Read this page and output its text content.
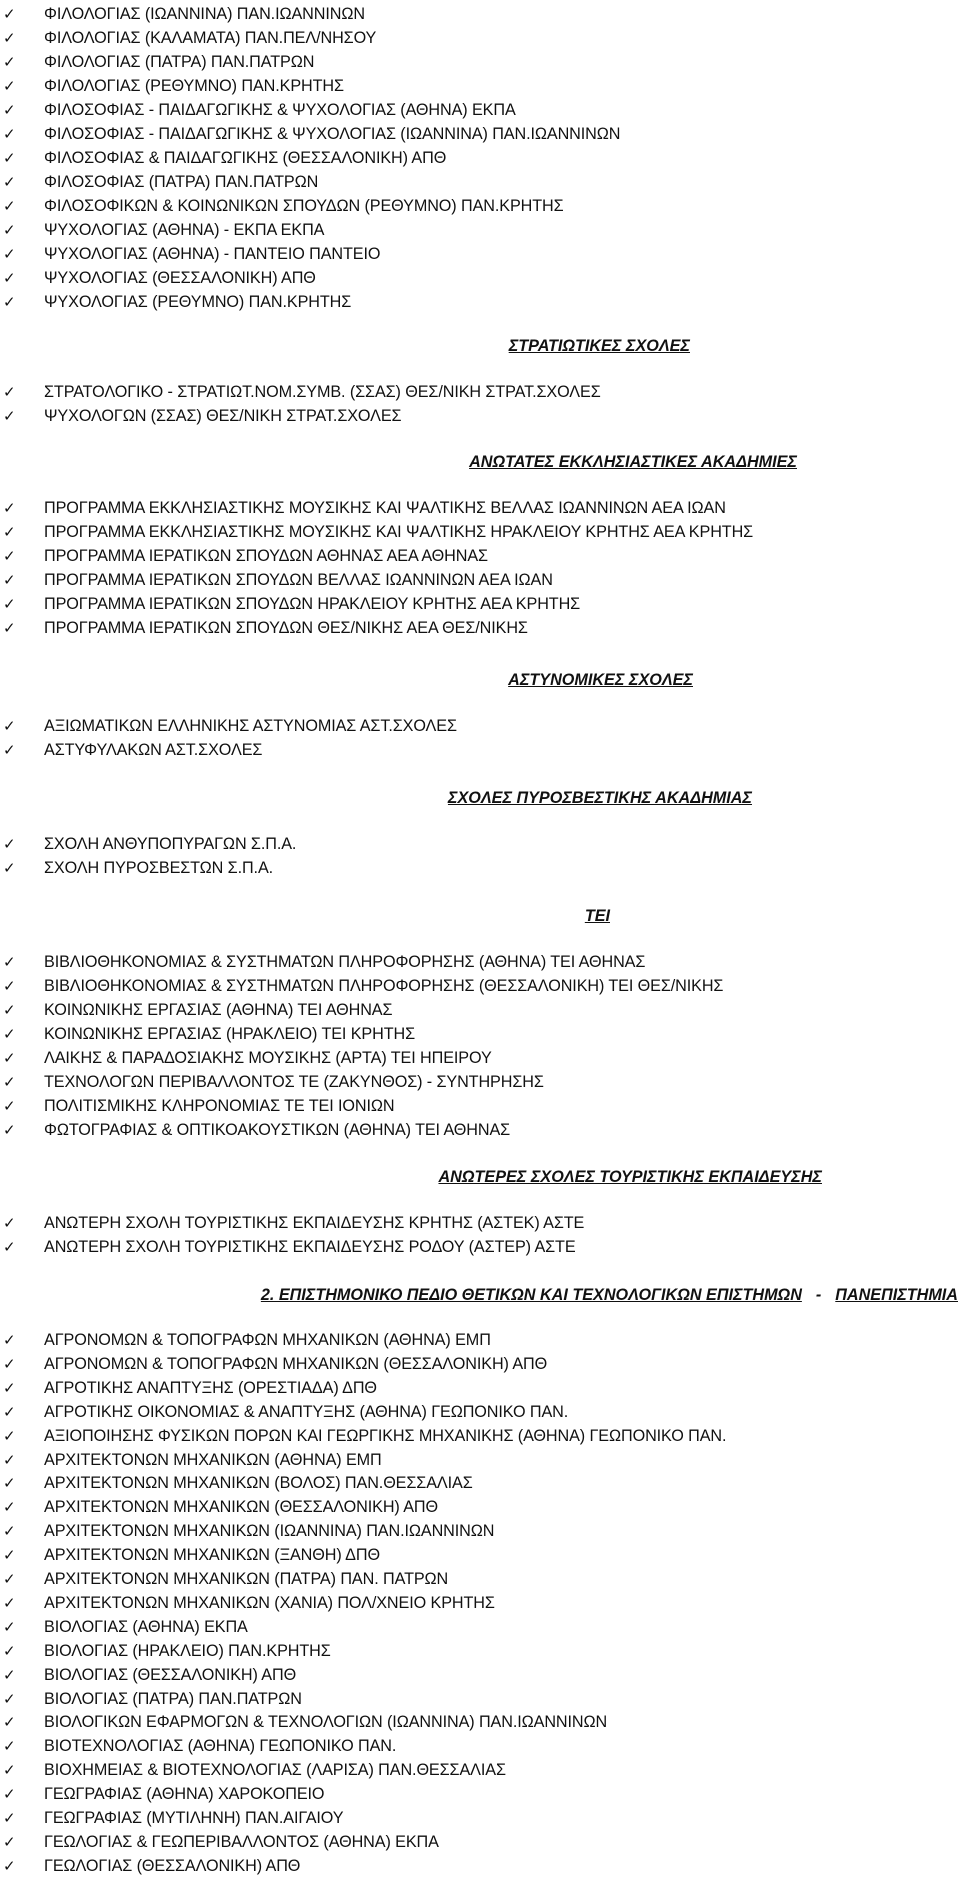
✓	ΦΙΛΟΛΟΓΙΑΣ (ΙΩΑΝΝΙΝΑ) ΠΑΝ.ΙΩΑΝΝΙΝΩΝ
✓	ΦΙΛΟΛΟΓΙΑΣ (ΚΑΛΑΜΑΤΑ) ΠΑΝ.ΠΕΛ/ΝΗΣΟΥ
✓	ΦΙΛΟΛΟΓΙΑΣ (ΠΑΤΡΑ) ΠΑΝ.ΠΑΤΡΩΝ
✓	ΦΙΛΟΛΟΓΙΑΣ (ΡΕΘΥΜΝΟ) ΠΑΝ.ΚΡΗΤΗΣ
✓	ΦΙΛΟΣΟΦΙΑΣ - ΠΑΙΔΑΓΩΓΙΚΗΣ & ΨΥΧΟΛΟΓΙΑΣ (ΑΘΗΝΑ) ΕΚΠΑ
✓	ΦΙΛΟΣΟΦΙΑΣ - ΠΑΙΔΑΓΩΓΙΚΗΣ & ΨΥΧΟΛΟΓΙΑΣ (ΙΩΑΝΝΙΝΑ) ΠΑΝ.ΙΩΑΝΝΙΝΩΝ
✓	ΦΙΛΟΣΟΦΙΑΣ & ΠΑΙΔΑΓΩΓΙΚΗΣ (ΘΕΣΣΑΛΟΝΙΚΗ) ΑΠΘ
✓	ΦΙΛΟΣΟΦΙΑΣ (ΠΑΤΡΑ) ΠΑΝ.ΠΑΤΡΩΝ
✓	ΦΙΛΟΣΟΦΙΚΩΝ & ΚΟΙΝΩΝΙΚΩΝ ΣΠΟΥΔΩΝ (ΡΕΘΥΜΝΟ) ΠΑΝ.ΚΡΗΤΗΣ
✓	ΨΥΧΟΛΟΓΙΑΣ (ΑΘΗΝΑ) - ΕΚΠΑ ΕΚΠΑ
✓	ΨΥΧΟΛΟΓΙΑΣ (ΑΘΗΝΑ) - ΠΑΝΤΕΙΟ ΠΑΝΤΕΙΟ
✓	ΨΥΧΟΛΟΓΙΑΣ (ΘΕΣΣΑΛΟΝΙΚΗ) ΑΠΘ
✓	ΨΥΧΟΛΟΓΙΑΣ (ΡΕΘΥΜΝΟ) ΠΑΝ.ΚΡΗΤΗΣ
ΣΤΡΑΤΙΩΤΙΚΕΣ ΣΧΟΛΕΣ
✓	ΣΤΡΑΤΟΛΟΓΙΚΟ - ΣΤΡΑΤΙΩΤ.ΝΟΜ.ΣΥΜΒ. (ΣΣΑΣ) ΘΕΣ/ΝΙΚΗ ΣΤΡΑΤ.ΣΧΟΛΕΣ
✓	ΨΥΧΟΛΟΓΩΝ (ΣΣΑΣ) ΘΕΣ/ΝΙΚΗ ΣΤΡΑΤ.ΣΧΟΛΕΣ
ΑΝΩΤΑΤΕΣ ΕΚΚΛΗΣΙΑΣΤΙΚΕΣ ΑΚΑΔΗΜΙΕΣ
✓	ΠΡΟΓΡΑΜΜΑ ΕΚΚΛΗΣΙΑΣΤΙΚΗΣ ΜΟΥΣΙΚΗΣ ΚΑΙ ΨΑΛΤΙΚΗΣ ΒΕΛΛΑΣ ΙΩΑΝΝΙΝΩΝ ΑΕΑ ΙΩΑΝ
✓	ΠΡΟΓΡΑΜΜΑ ΕΚΚΛΗΣΙΑΣΤΙΚΗΣ ΜΟΥΣΙΚΗΣ ΚΑΙ ΨΑΛΤΙΚΗΣ ΗΡΑΚΛΕΙΟΥ ΚΡΗΤΗΣ ΑΕΑ ΚΡΗΤΗΣ
✓	ΠΡΟΓΡΑΜΜΑ ΙΕΡΑΤΙΚΩΝ ΣΠΟΥΔΩΝ ΑΘΗΝΑΣ ΑΕΑ ΑΘΗΝΑΣ
✓	ΠΡΟΓΡΑΜΜΑ ΙΕΡΑΤΙΚΩΝ ΣΠΟΥΔΩΝ ΒΕΛΛΑΣ ΙΩΑΝΝΙΝΩΝ ΑΕΑ ΙΩΑΝ
✓	ΠΡΟΓΡΑΜΜΑ ΙΕΡΑΤΙΚΩΝ ΣΠΟΥΔΩΝ ΗΡΑΚΛΕΙΟΥ ΚΡΗΤΗΣ ΑΕΑ ΚΡΗΤΗΣ
✓	ΠΡΟΓΡΑΜΜΑ ΙΕΡΑΤΙΚΩΝ ΣΠΟΥΔΩΝ ΘΕΣ/ΝΙΚΗΣ ΑΕΑ ΘΕΣ/ΝΙΚΗΣ
ΑΣΤΥΝΟΜΙΚΕΣ ΣΧΟΛΕΣ
✓	ΑΞΙΩΜΑΤΙΚΩΝ ΕΛΛΗΝΙΚΗΣ ΑΣΤΥΝΟΜΙΑΣ ΑΣΤ.ΣΧΟΛΕΣ
✓	ΑΣΤΥΦΥΛΑΚΩΝ ΑΣΤ.ΣΧΟΛΕΣ
ΣΧΟΛΕΣ ΠΥΡΟΣΒΕΣΤΙΚΗΣ ΑΚΑΔΗΜΙΑΣ
✓	ΣΧΟΛΗ ΑΝΘΥΠΟΠΥΡΑΓΩΝ Σ.Π.Α.
✓	ΣΧΟΛΗ ΠΥΡΟΣΒΕΣΤΩΝ Σ.Π.Α.
ΤΕΙ
✓	ΒΙΒΛΙΟΘΗΚΟΝΟΜΙΑΣ & ΣΥΣΤΗΜΑΤΩΝ ΠΛΗΡΟΦΟΡΗΣΗΣ (ΑΘΗΝΑ) ΤΕΙ ΑΘΗΝΑΣ
✓	ΒΙΒΛΙΟΘΗΚΟΝΟΜΙΑΣ & ΣΥΣΤΗΜΑΤΩΝ ΠΛΗΡΟΦΟΡΗΣΗΣ (ΘΕΣΣΑΛΟΝΙΚΗ) ΤΕΙ ΘΕΣ/ΝΙΚΗΣ
✓	ΚΟΙΝΩΝΙΚΗΣ ΕΡΓΑΣΙΑΣ (ΑΘΗΝΑ) ΤΕΙ ΑΘΗΝΑΣ
✓	ΚΟΙΝΩΝΙΚΗΣ ΕΡΓΑΣΙΑΣ (ΗΡΑΚΛΕΙΟ) ΤΕΙ ΚΡΗΤΗΣ
✓	ΛΑΙΚΗΣ & ΠΑΡΑΔΟΣΙΑΚΗΣ ΜΟΥΣΙΚΗΣ (ΑΡΤΑ) ΤΕΙ ΗΠΕΙΡΟΥ
✓	ΤΕΧΝΟΛΟΓΩΝ ΠΕΡΙΒΑΛΛΟΝΤΟΣ ΤΕ (ΖΑΚΥΝΘΟΣ) - ΣΥΝΤΗΡΗΣΗΣ
✓	ΠΟΛΙΤΙΣΜΙΚΗΣ ΚΛΗΡΟΝΟΜΙΑΣ ΤΕ ΤΕΙ ΙΟΝΙΩΝ
✓	ΦΩΤΟΓΡΑΦΙΑΣ & ΟΠΤΙΚΟΑΚΟΥΣΤΙΚΩΝ (ΑΘΗΝΑ) ΤΕΙ ΑΘΗΝΑΣ
ΑΝΩΤΕΡΕΣ ΣΧΟΛΕΣ ΤΟΥΡΙΣΤΙΚΗΣ ΕΚΠΑΙΔΕΥΣΗΣ
✓	ΑΝΩΤΕΡΗ ΣΧΟΛΗ ΤΟΥΡΙΣΤΙΚΗΣ ΕΚΠΑΙΔΕΥΣΗΣ ΚΡΗΤΗΣ (ΑΣΤΕΚ) ΑΣΤΕ
✓	ΑΝΩΤΕΡΗ ΣΧΟΛΗ ΤΟΥΡΙΣΤΙΚΗΣ ΕΚΠΑΙΔΕΥΣΗΣ ΡΟΔΟΥ (ΑΣΤΕΡ) ΑΣΤΕ
2. ΕΠΙΣΤΗΜΟΝΙΚΟ ΠΕΔΙΟ ΘΕΤΙΚΩΝ ΚΑΙ ΤΕΧΝΟΛΟΓΙΚΩΝ ΕΠΙΣΤΗΜΩΝ - ΠΑΝΕΠΙΣΤΗΜΙΑ
✓	ΑΓΡΟΝΟΜΩΝ & ΤΟΠΟΓΡΑΦΩΝ ΜΗΧΑΝΙΚΩΝ (ΑΘΗΝΑ) ΕΜΠ
✓	ΑΓΡΟΝΟΜΩΝ & ΤΟΠΟΓΡΑΦΩΝ ΜΗΧΑΝΙΚΩΝ (ΘΕΣΣΑΛΟΝΙΚΗ) ΑΠΘ
✓	ΑΓΡΟΤΙΚΗΣ ΑΝΑΠΤΥΞΗΣ (ΟΡΕΣΤΙΑΔΑ) ΔΠΘ
✓	ΑΓΡΟΤΙΚΗΣ ΟΙΚΟΝΟΜΙΑΣ & ΑΝΑΠΤΥΞΗΣ (ΑΘΗΝΑ) ΓΕΩΠΟΝΙΚΟ ΠΑΝ.
✓	ΑΞΙΟΠΟΙΗΣΗΣ ΦΥΣΙΚΩΝ ΠΟΡΩΝ ΚΑΙ ΓΕΩΡΓΙΚΗΣ ΜΗΧΑΝΙΚΗΣ (ΑΘΗΝΑ) ΓΕΩΠΟΝΙΚΟ ΠΑΝ.
✓	ΑΡΧΙΤΕΚΤΟΝΩΝ ΜΗΧΑΝΙΚΩΝ (ΑΘΗΝΑ) ΕΜΠ
✓	ΑΡΧΙΤΕΚΤΟΝΩΝ ΜΗΧΑΝΙΚΩΝ (ΒΟΛΟΣ) ΠΑΝ.ΘΕΣΣΑΛΙΑΣ
✓	ΑΡΧΙΤΕΚΤΟΝΩΝ ΜΗΧΑΝΙΚΩΝ (ΘΕΣΣΑΛΟΝΙΚΗ) ΑΠΘ
✓	ΑΡΧΙΤΕΚΤΟΝΩΝ ΜΗΧΑΝΙΚΩΝ (ΙΩΑΝΝΙΝΑ) ΠΑΝ.ΙΩΑΝΝΙΝΩΝ
✓	ΑΡΧΙΤΕΚΤΟΝΩΝ ΜΗΧΑΝΙΚΩΝ (ΞΑΝΘΗ) ΔΠΘ
✓	ΑΡΧΙΤΕΚΤΟΝΩΝ ΜΗΧΑΝΙΚΩΝ (ΠΑΤΡΑ) ΠΑΝ. ΠΑΤΡΩΝ
✓	ΑΡΧΙΤΕΚΤΟΝΩΝ ΜΗΧΑΝΙΚΩΝ (ΧΑΝΙΑ) ΠΟΛ/ΧΝΕΙΟ ΚΡΗΤΗΣ
✓	ΒΙΟΛΟΓΙΑΣ (ΑΘΗΝΑ) ΕΚΠΑ
✓	ΒΙΟΛΟΓΙΑΣ (ΗΡΑΚΛΕΙΟ) ΠΑΝ.ΚΡΗΤΗΣ
✓	ΒΙΟΛΟΓΙΑΣ (ΘΕΣΣΑΛΟΝΙΚΗ) ΑΠΘ
✓	ΒΙΟΛΟΓΙΑΣ (ΠΑΤΡΑ) ΠΑΝ.ΠΑΤΡΩΝ
✓	ΒΙΟΛΟΓΙΚΩΝ ΕΦΑΡΜΟΓΩΝ & ΤΕΧΝΟΛΟΓΙΩΝ (ΙΩΑΝΝΙΝΑ) ΠΑΝ.ΙΩΑΝΝΙΝΩΝ
✓	ΒΙΟΤΕΧΝΟΛΟΓΙΑΣ (ΑΘΗΝΑ) ΓΕΩΠΟΝΙΚΟ ΠΑΝ.
✓	ΒΙΟΧΗΜΕΙΑΣ & ΒΙΟΤΕΧΝΟΛΟΓΙΑΣ (ΛΑΡΙΣΑ) ΠΑΝ.ΘΕΣΣΑΛΙΑΣ
✓	ΓΕΩΓΡΑΦΙΑΣ (ΑΘΗΝΑ) ΧΑΡΟΚΟΠΕΙΟ
✓	ΓΕΩΓΡΑΦΙΑΣ (ΜΥΤΙΛΗΝΗ) ΠΑΝ.ΑΙΓΑΙΟΥ
✓	ΓΕΩΛΟΓΙΑΣ & ΓΕΩΠΕΡΙΒΑΛΛΟΝΤΟΣ (ΑΘΗΝΑ) ΕΚΠΑ
✓	ΓΕΩΛΟΓΙΑΣ (ΘΕΣΣΑΛΟΝΙΚΗ) ΑΠΘ
